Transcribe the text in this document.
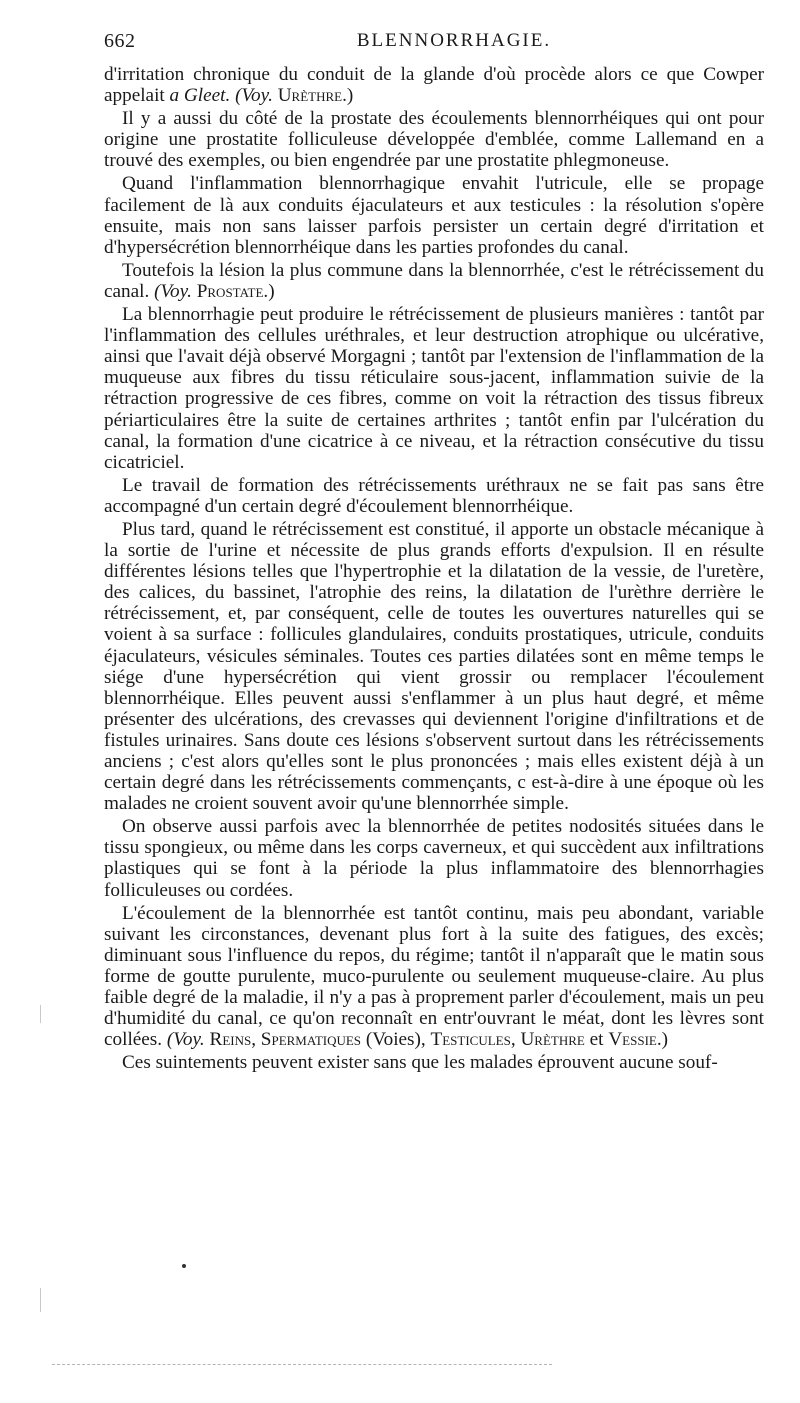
662	BLENNORRHAGIE.

d'irritation chronique du conduit de la glande d'où procède alors ce que Cowper appelait a Gleet. (Voy. Urèthre.)

Il y a aussi du côté de la prostate des écoulements blennorrhéiques qui ont pour origine une prostatite folliculeuse développée d'emblée, comme Lallemand en a trouvé des exemples, ou bien engendrée par une prostatite phlegmoneuse.

Quand l'inflammation blennorrhagique envahit l'utricule, elle se propage facilement de là aux conduits éjaculateurs et aux testicules : la résolution s'opère ensuite, mais non sans laisser parfois persister un certain degré d'irritation et d'hypersécrétion blennorrhéique dans les parties profondes du canal.

Toutefois la lésion la plus commune dans la blennorrhée, c'est le rétrécissement du canal. (Voy. Prostate.)

La blennorrhagie peut produire le rétrécissement de plusieurs manières : tantôt par l'inflammation des cellules uréthrales, et leur destruction atrophique ou ulcérative, ainsi que l'avait déjà observé Morgagni ; tantôt par l'extension de l'inflammation de la muqueuse aux fibres du tissu réticulaire sous-jacent, inflammation suivie de la rétraction progressive de ces fibres, comme on voit la rétraction des tissus fibreux périarticulaires être la suite de certaines arthrites ; tantôt enfin par l'ulcération du canal, la formation d'une cicatrice à ce niveau, et la rétraction consécutive du tissu cicatriciel.

Le travail de formation des rétrécissements uréthraux ne se fait pas sans être accompagné d'un certain degré d'écoulement blennorrhéique.

Plus tard, quand le rétrécissement est constitué, il apporte un obstacle mécanique à la sortie de l'urine et nécessite de plus grands efforts d'expulsion. Il en résulte différentes lésions telles que l'hypertrophie et la dilatation de la vessie, de l'uretère, des calices, du bassinet, l'atrophie des reins, la dilatation de l'urèthre derrière le rétrécissement, et, par conséquent, celle de toutes les ouvertures naturelles qui se voient à sa surface : follicules glandulaires, conduits prostatiques, utricule, conduits éjaculateurs, vésicules séminales. Toutes ces parties dilatées sont en même temps le siége d'une hypersécrétion qui vient grossir ou remplacer l'écoulement blennorrhéique. Elles peuvent aussi s'enflammer à un plus haut degré, et même présenter des ulcérations, des crevasses qui deviennent l'origine d'infiltrations et de fistules urinaires. Sans doute ces lésions s'observent surtout dans les rétrécissements anciens ; c'est alors qu'elles sont le plus prononcées ; mais elles existent déjà à un certain degré dans les rétrécissements commençants, c est-à-dire à une époque où les malades ne croient souvent avoir qu'une blennorrhée simple.

On observe aussi parfois avec la blennorrhée de petites nodosités situées dans le tissu spongieux, ou même dans les corps caverneux, et qui succèdent aux infiltrations plastiques qui se font à la période la plus inflammatoire des blennorrhagies folliculeuses ou cordées.

L'écoulement de la blennorrhée est tantôt continu, mais peu abondant, variable suivant les circonstances, devenant plus fort à la suite des fatigues, des excès; diminuant sous l'influence du repos, du régime; tantôt il n'apparaît que le matin sous forme de goutte purulente, muco-purulente ou seulement muqueuse-claire. Au plus faible degré de la maladie, il n'y a pas à proprement parler d'écoulement, mais un peu d'humidité du canal, ce qu'on reconnaît en entr'ouvrant le méat, dont les lèvres sont collées. (Voy. Reins, Spermatiques (Voies), Testicules, Urèthre et Vessie.)

Ces suintements peuvent exister sans que les malades éprouvent aucune souf-
